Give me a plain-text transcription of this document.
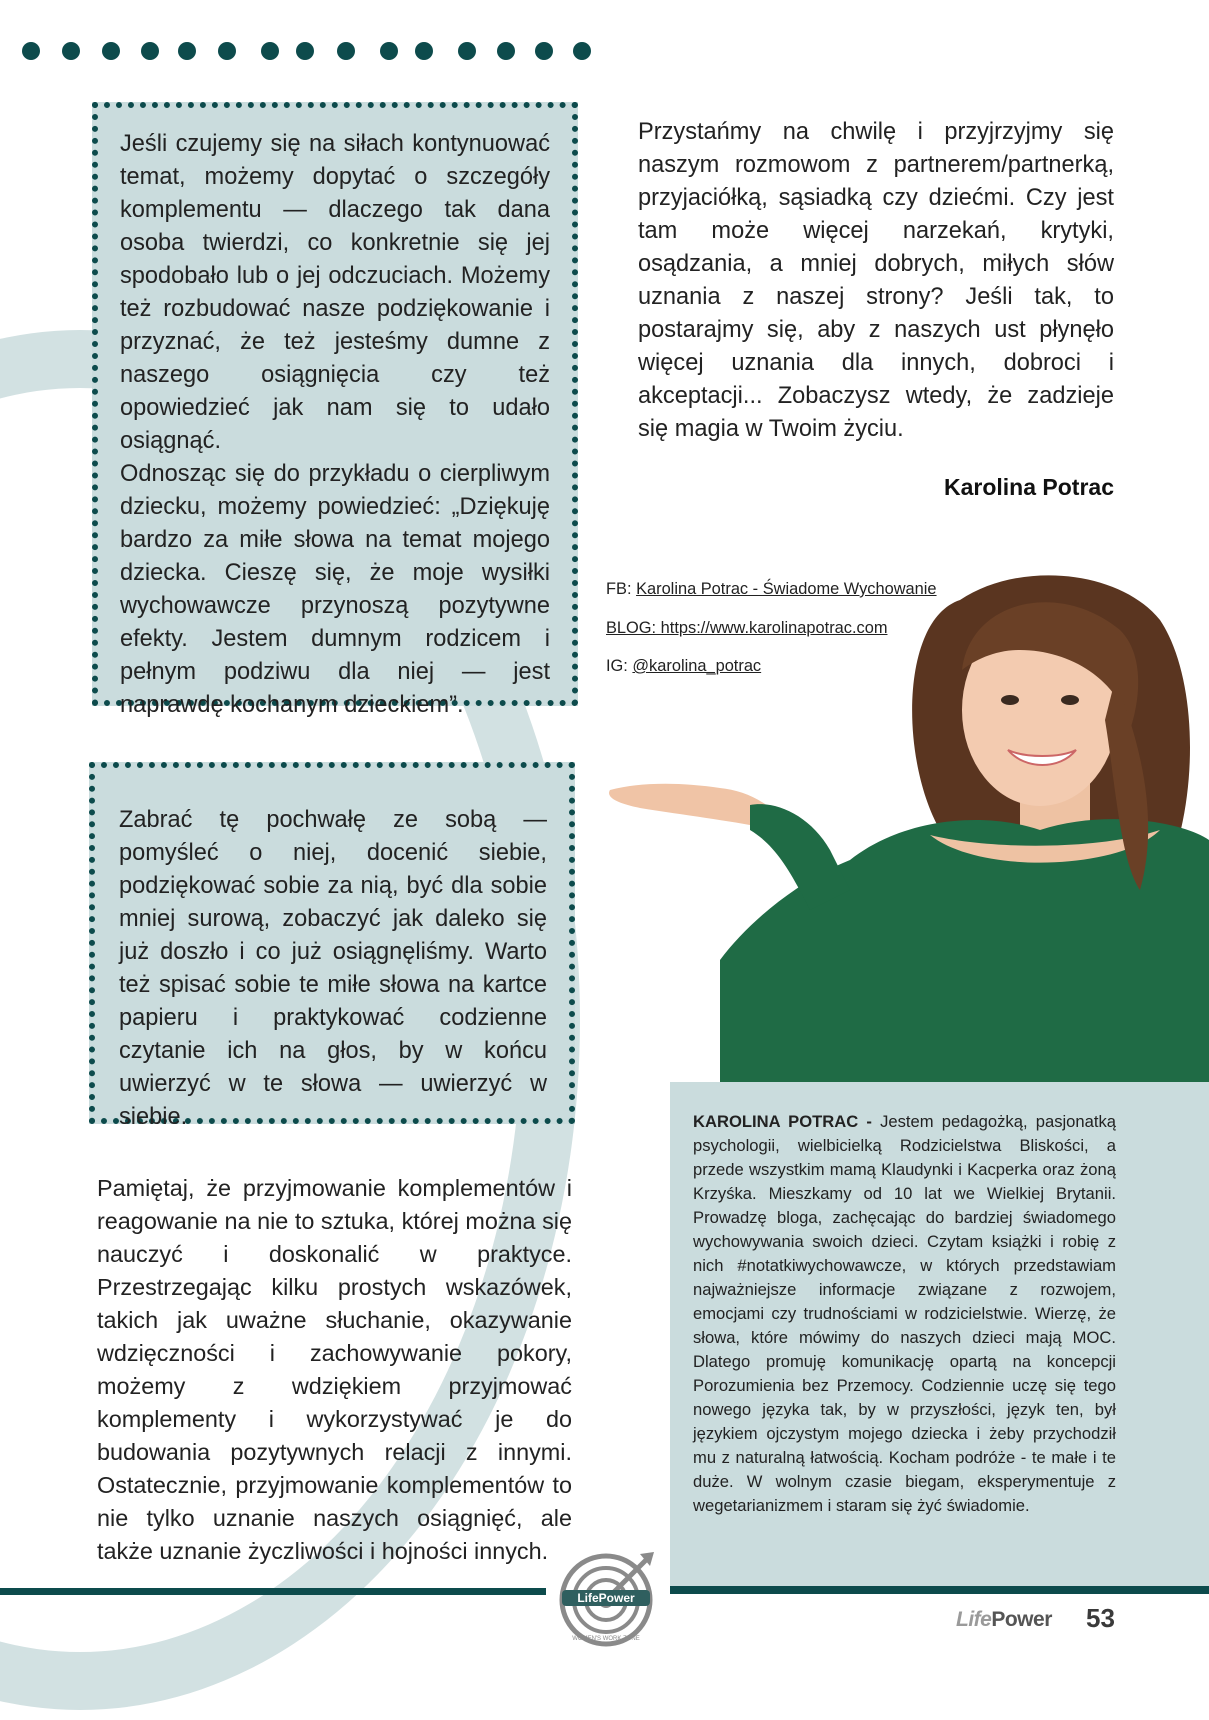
Jeśli czujemy się na siłach kontynuować temat, możemy dopytać o szczegóły komplementu — dlaczego tak dana osoba twierdzi, co konkretnie się jej spodobało lub o jej odczuciach. Możemy też rozbudować nasze podziękowanie i przyznać, że też jesteśmy dumne z naszego osiągnięcia czy też opowiedzieć jak nam się to udało osiągnąć.

Odnosząc się do przykładu o cierpliwym dziecku, możemy powiedzieć: „Dziękuję bardzo za miłe słowa na temat mojego dziecka. Cieszę się, że moje wysiłki wychowawcze przynoszą pozytywne efekty. Jestem dumnym rodzicem i pełnym podziwu dla niej — jest naprawdę kochanym dzieckiem”.

Zabrać tę pochwałę ze sobą — pomyśleć o niej, docenić siebie, podziękować sobie za nią, być dla sobie mniej surową, zobaczyć jak daleko się już doszło i co już osiągnęliśmy. Warto też spisać sobie te miłe słowa na kartce papieru i praktykować codzienne czytanie ich na głos, by w końcu uwierzyć w te słowa — uwierzyć w siebie.

Przystańmy na chwilę i przyjrzyjmy się naszym rozmowom z partnerem/partnerką, przyjaciółką, sąsiadką czy dziećmi. Czy jest tam może więcej narzekań, krytyki, osądzania, a mniej dobrych, miłych słów uznania z naszej strony? Jeśli tak, to postarajmy się, aby z naszych ust płynęło więcej uznania dla innych, dobroci i akceptacji... Zobaczysz wtedy, że zadzieje się magia w Twoim życiu.

Karolina Potrac
FB: Karolina Potrac - Świadome Wychowanie
BLOG: https://www.karolinapotrac.com
IG: @karolina_potrac

Pamiętaj, że przyjmowanie komplementów i reagowanie na nie to sztuka, której można się nauczyć i doskonalić w praktyce. Przestrzegając kilku prostych wskazówek, takich jak uważne słuchanie, okazywanie wdzięczności i zachowywanie pokory, możemy z wdziękiem przyjmować komplementy i wykorzystywać je do budowania pozytywnych relacji z innymi. Ostatecznie, przyjmowanie komplementów to nie tylko uznanie naszych osiągnięć, ale także uznanie życzliwości i hojności innych.

KAROLINA POTRAC - Jestem pedagożką, pasjonatką psychologii, wielbicielką Rodzicielstwa Bliskości, a przede wszystkim mamą Klaudynki i Kacperka oraz żoną Krzyśka. Mieszkamy od 10 lat we Wielkiej Brytanii. Prowadzę bloga, zachęcając do bardziej świadomego wychowywania swoich dzieci. Czytam książki i robię z nich #notatkiwychowawcze, w których przedstawiam najważniejsze informacje związane z rozwojem, emocjami czy trudnościami w rodzicielstwie. Wierzę, że słowa, które mówimy do naszych dzieci mają MOC. Dlatego promuję komunikację opartą na koncepcji Porozumienia bez Przemocy. Codziennie uczę się tego nowego języka tak, by w przyszłości, język ten, był językiem ojczystym mojego dziecka i żeby przychodził mu z naturalną łatwością. Kocham podróże - te małe i te duże. W wolnym czasie biegam, eksperymentuje z wegetarianizmem i staram się żyć świadomie.

LifePower
WOMEN'S WORK ZONE
LifePower 53
